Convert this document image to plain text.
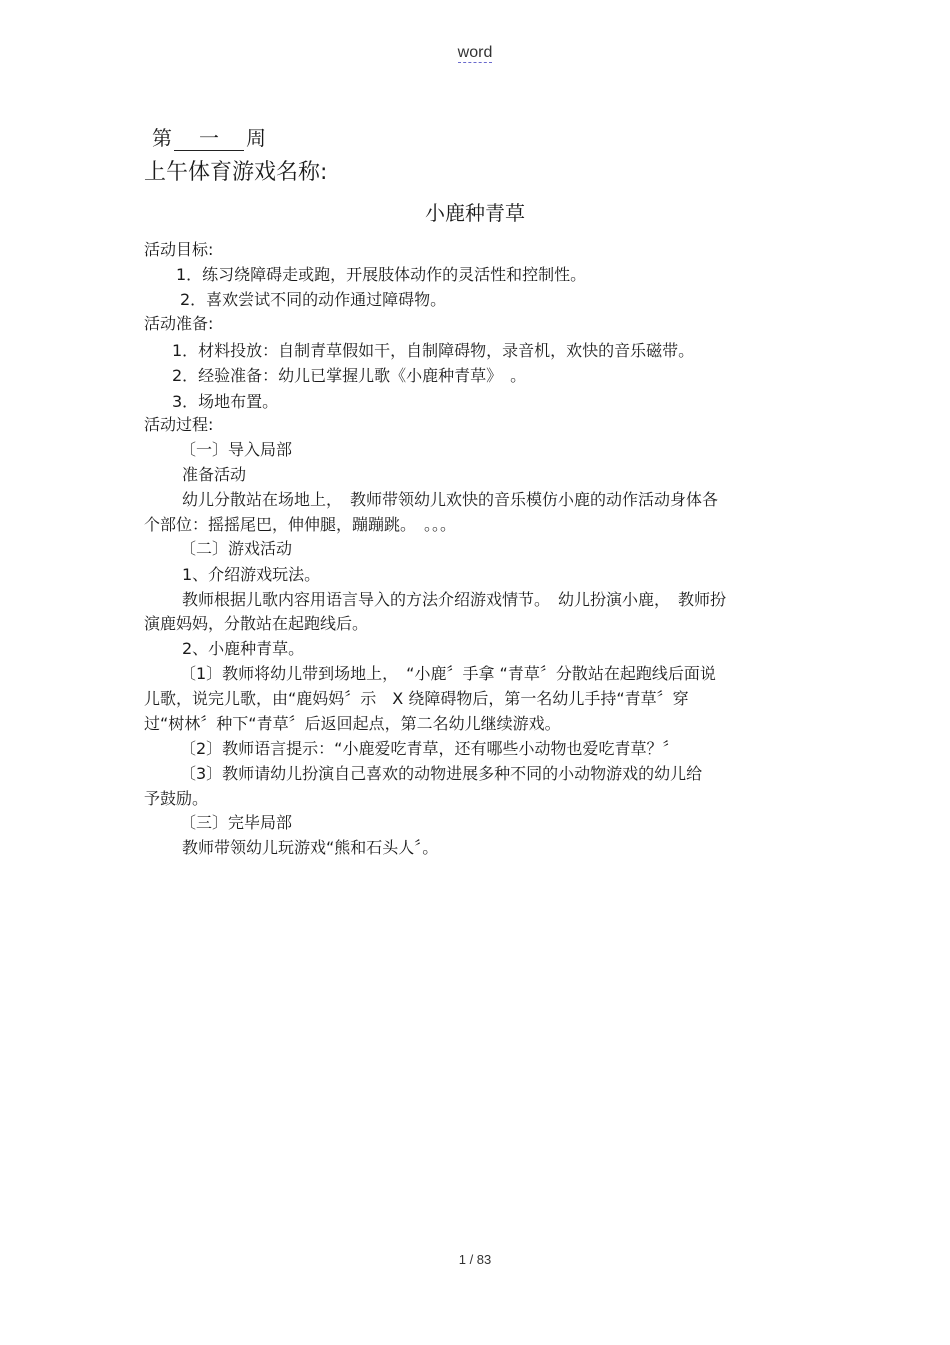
word
第 一 周
上午体育游戏名称:
小鹿种青草
活动目标:
1．练习绕障碍走或跑，开展肢体动作的灵活性和控制性。
2．喜欢尝试不同的动作通过障碍物。
活动准备:
1．材料投放：自制青草假如干，自制障碍物，录音机，欢快的音乐磁带。
2．经验准备：幼儿已掌握儿歌《小鹿种青草》　。
3．场地布置。
活动过程:
〔一〕导入局部
准备活动
幼儿分散站在场地上，　教师带领幼儿欢快的音乐模仿小鹿的动作活动身体各
个部位：摇摇尾巴，伸伸腿，蹦蹦跳。　。。。
〔二〕游戏活动
1、介绍游戏玩法。
教师根据儿歌内容用语言导入的方法介绍游戏情节。　幼儿扮演小鹿，　教师扮
演鹿妈妈，分散站在起跑线后。
2、小鹿种青草。
〔1〕教师将幼儿带到场地上，　“小鹿〞手拿 “青草〞分散站在起跑线后面说
儿歌，说完儿歌，由“鹿妈妈〞示　X 绕障碍物后，第一名幼儿手持“青草〞穿
过“树林〞种下“青草〞后返回起点，第二名幼儿继续游戏。
〔2〕教师语言提示：“小鹿爱吃青草，还有哪些小动物也爱吃青草？〞
〔3〕教师请幼儿扮演自己喜欢的动物进展多种不同的小动物游戏的幼儿给
予鼓励。
〔三〕完毕局部
教师带领幼儿玩游戏“熊和石头人〞。
1 / 83
